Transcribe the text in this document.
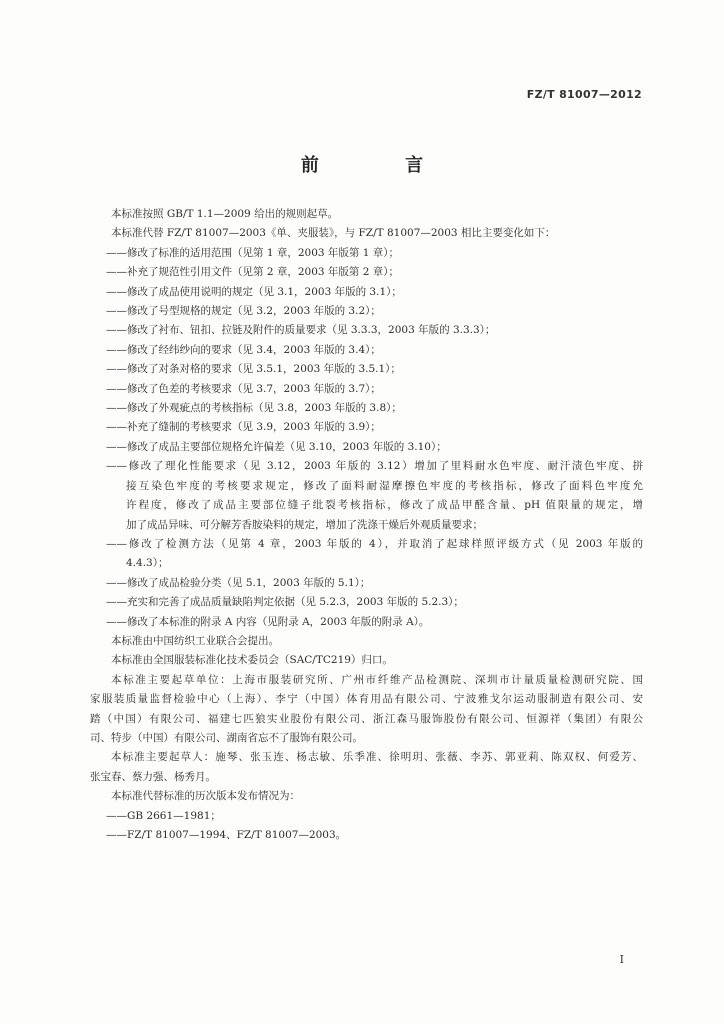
FZ/T 81007—2012
前 言

本标准按照 GB/T 1.1—2009 给出的规则起草。

本标准代替 FZ/T 81007—2003《单、夹服装》，与 FZ/T 81007—2003 相比主要变化如下：

——修改了标准的适用范围（见第 1 章，2003 年版第 1 章）；

——补充了规范性引用文件（见第 2 章，2003 年版第 2 章）；

——修改了成品使用说明的规定（见 3.1，2003 年版的 3.1）；

——修改了号型规格的规定（见 3.2，2003 年版的 3.2）；

——修改了衬布、钮扣、拉链及附件的质量要求（见 3.3.3，2003 年版的 3.3.3）；

——修改了经纬纱向的要求（见 3.4，2003 年版的 3.4）；

——修改了对条对格的要求（见 3.5.1，2003 年版的 3.5.1）；

——修改了色差的考核要求（见 3.7，2003 年版的 3.7）；

——修改了外观疵点的考核指标（见 3.8，2003 年版的 3.8）；

——补充了缝制的考核要求（见 3.9，2003 年版的 3.9）；

——修改了成品主要部位规格允许偏差（见 3.10，2003 年版的 3.10）；

——修改了理化性能要求（见 3.12，2003 年版的 3.12）增加了里料耐水色牢度、耐汗渍色牢度、拼

接互染色牢度的考核要求规定，修改了面料耐湿摩擦色牢度的考核指标，修改了面料色牢度允

许程度，修改了成品主要部位缝子纰裂考核指标，修改了成品甲醛含量、pH 值限量的规定，增

加了成品异味、可分解芳香胺染料的规定，增加了洗涤干燥后外观质量要求；

——修改了检测方法（见第 4 章，2003 年版的 4），并取消了起球样照评级方式（见 2003 年版的

4.4.3）；

——修改了成品检验分类（见 5.1，2003 年版的 5.1）；

——充实和完善了成品质量缺陷判定依据（见 5.2.3，2003 年版的 5.2.3）；

——修改了本标准的附录 A 内容（见附录 A，2003 年版的附录 A）。

本标准由中国纺织工业联合会提出。

本标准由全国服装标准化技术委员会（SAC/TC219）归口。

本标准主要起草单位：上海市服装研究所、广州市纤维产品检测院、深圳市计量质量检测研究院、国

家服装质量监督检验中心（上海）、李宁（中国）体育用品有限公司、宁波雅戈尔运动服制造有限公司、安

踏（中国）有限公司、福建七匹狼实业股份有限公司、浙江森马服饰股份有限公司、恒源祥（集团）有限公

司、特步（中国）有限公司、湖南省忘不了服饰有限公司。

本标准主要起草人：施琴、张玉连、杨志敏、乐季准、徐明玥、张薇、李苏、郭亚莉、陈双权、何爱芳、

张宝春、蔡力强、杨秀月。

本标准代替标准的历次版本发布情况为：

——GB 2661—1981；

——FZ/T 81007—1994、FZ/T 81007—2003。

I
